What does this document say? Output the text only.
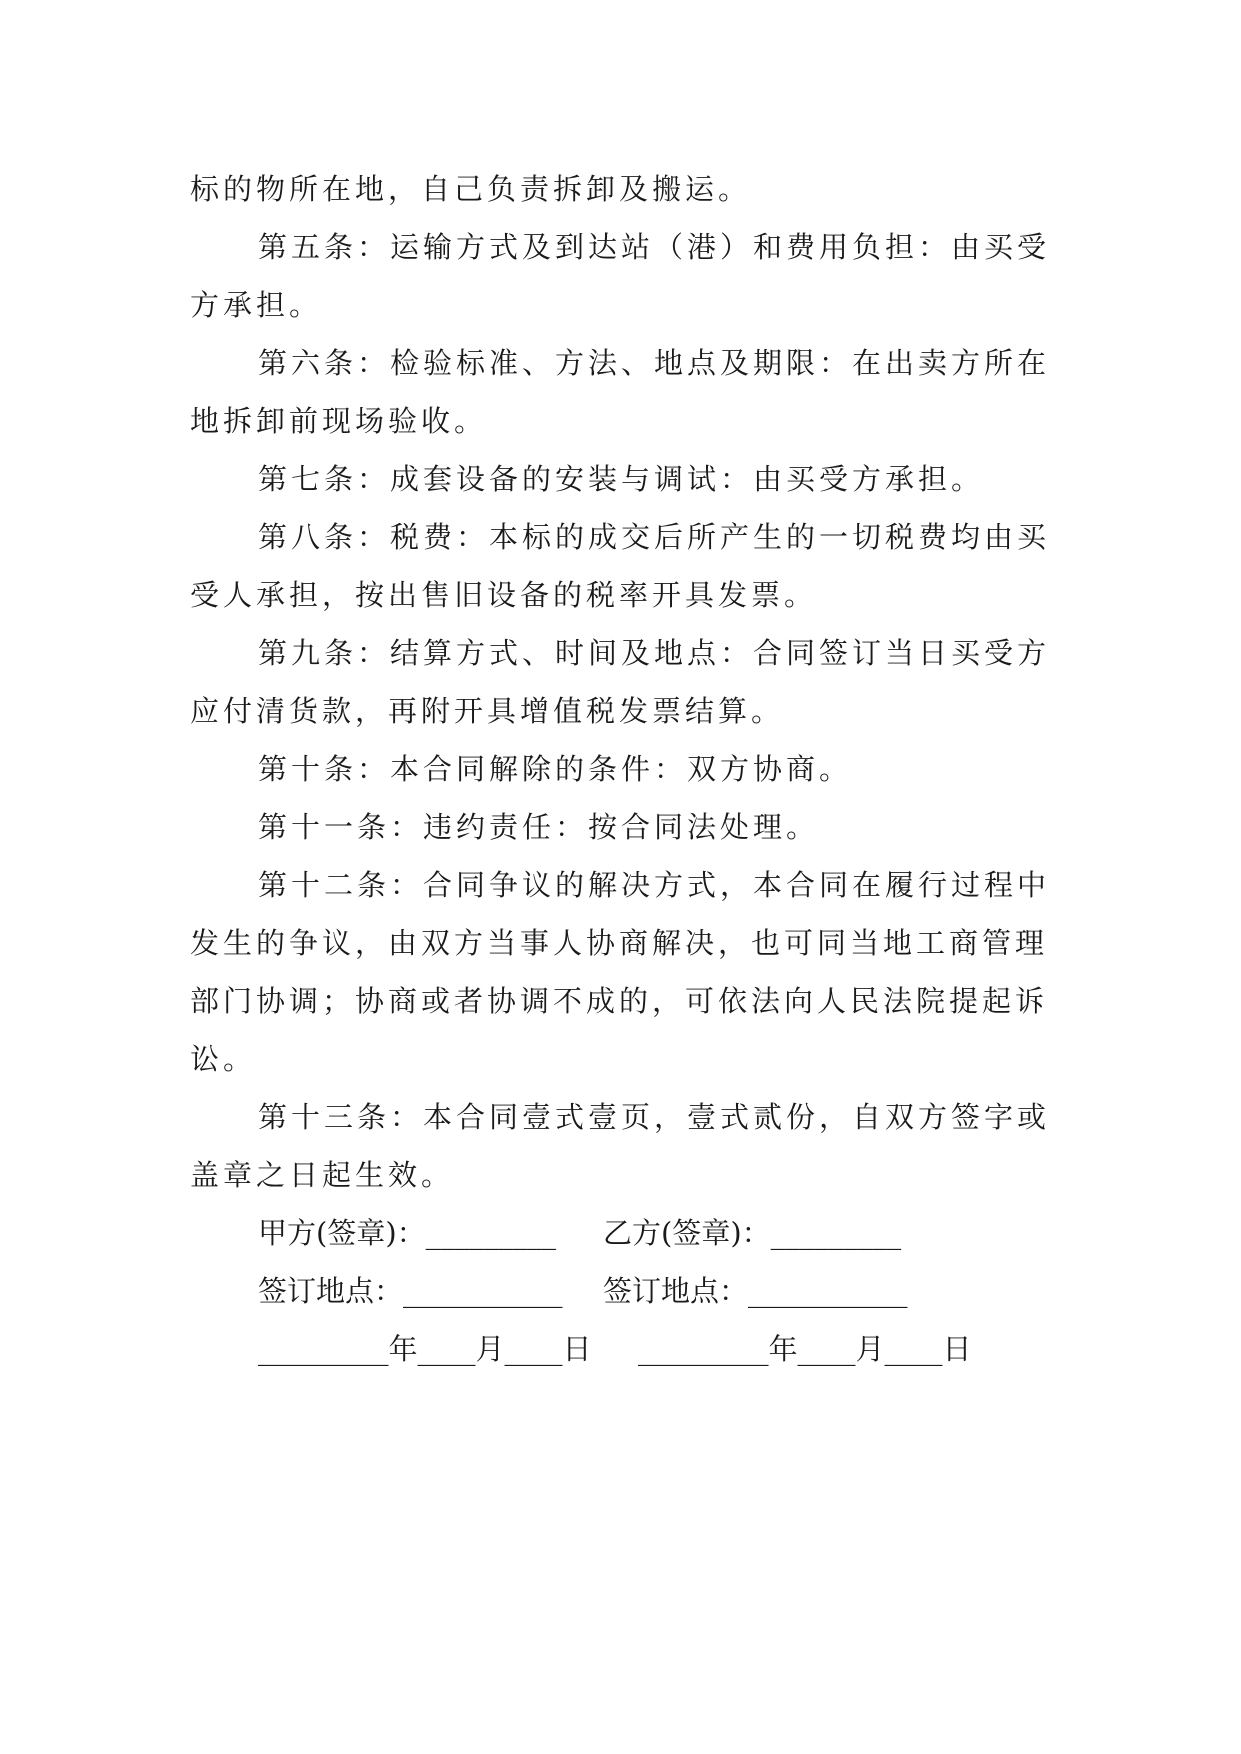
标的物所在地，自己负责拆卸及搬运。
第五条：运输方式及到达站（港）和费用负担：由买受
方承担。
第六条：检验标准、方法、地点及期限：在出卖方所在
地拆卸前现场验收。
第七条：成套设备的安装与调试：由买受方承担。
第八条：税费：本标的成交后所产生的一切税费均由买
受人承担，按出售旧设备的税率开具发票。
第九条：结算方式、时间及地点：合同签订当日买受方
应付清货款，再附开具增值税发票结算。
第十条：本合同解除的条件：双方协商。
第十一条：违约责任：按合同法处理。
第十二条：合同争议的解决方式，本合同在履行过程中
发生的争议，由双方当事人协商解决，也可同当地工商管理
部门协调；协商或者协调不成的，可依法向人民法院提起诉
讼。
第十三条：本合同壹式壹页，壹式贰份，自双方签字或
盖章之日起生效。
甲方(签章)：_________ 乙方(签章)：_________
签订地点：___________ 签订地点：___________
_________年____月____日 _________年____月____日
